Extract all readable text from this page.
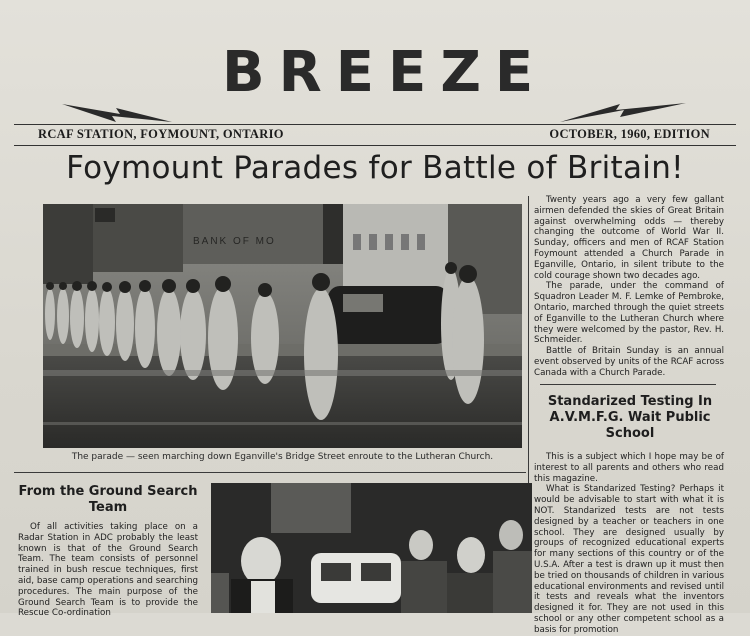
BREEZE
RCAF STATION, FOYMOUNT, ONTARIO	OCTOBER, 1960, EDITION
Foymount Parades for Battle of Britain!
BANK OF MO
The parade — seen marching down Eganville's Bridge Street enroute to the Lutheran Church.

Twenty years ago a very few gallant airmen defended the skies of Great Britain against overwhelming odds — thereby changing the outcome of World War II. Sunday, officers and men of RCAF Station Foymount attended a Church Parade in Eganville, Ontario, in silent tribute to the cold courage shown two decades ago.

The parade, under the command of Squadron Leader M. F. Lemke of Pembroke, Ontario, marched through the quiet streets of Eganville to the Lutheran Church where they were welcomed by the pastor, Rev. H. Schmeider.

Battle of Britain Sunday is an annual event observed by units of the RCAF across Canada with a Church Parade.

Standarized Testing In A.V.M.F.G. Wait Public School

This is a subject which I hope may be of interest to all parents and others who read this magazine.

What is Standarized Testing? Perhaps it would be advisable to start with what it is NOT. Standarized tests are not tests designed by a teacher or teachers in one school. They are designed usually by groups of recognized educational experts for many sections of this country or of the U.S.A. After a test is drawn up it must then be tried on thousands of children in various educational environments and revised until it tests and reveals what the inventors designed it for. They are not used in this school or any other competent school as a basis for promotion

From the Ground Search Team

Of all activities taking place on a Radar Station in ADC probably the least known is that of the Ground Search Team. The team consists of personnel trained in bush rescue techniques, first aid, base camp operations and searching procedures. The main purpose of the Ground Search Team is to provide the Rescue Co-ordination
